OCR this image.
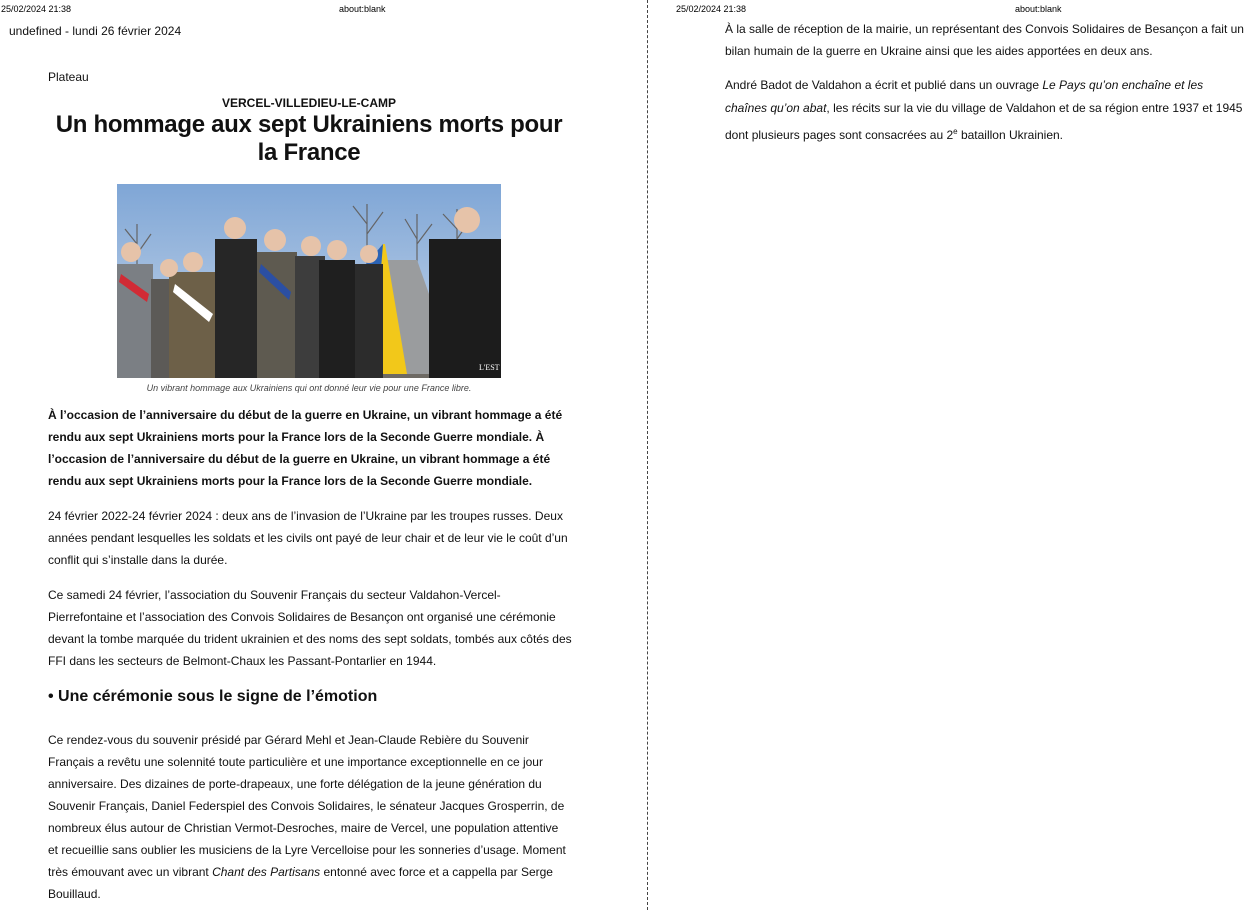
25/02/2024 21:38	about:blank	25/02/2024 21:38	about:blank
undefined - lundi 26 février 2024
Plateau
VERCEL-VILLEDIEU-LE-CAMP
Un hommage aux sept Ukrainiens morts pour la France
L'EST
Un vibrant hommage aux Ukrainiens qui ont donné leur vie pour une France libre.

À l’occasion de l’anniversaire du début de la guerre en Ukraine, un vibrant hommage a été rendu aux sept Ukrainiens morts pour la France lors de la Seconde Guerre mondiale. À l’occasion de l’anniversaire du début de la guerre en Ukraine, un vibrant hommage a été rendu aux sept Ukrainiens morts pour la France lors de la Seconde Guerre mondiale.

24 février 2022-24 février 2024 : deux ans de l’invasion de l’Ukraine par les troupes russes. Deux années pendant lesquelles les soldats et les civils ont payé de leur chair et de leur vie le coût d’un conflit qui s’installe dans la durée.

Ce samedi 24 février, l’association du Souvenir Français du secteur Valdahon-Vercel-Pierrefontaine et l’association des Convois Solidaires de Besançon ont organisé une cérémonie devant la tombe marquée du trident ukrainien et des noms des sept soldats, tombés aux côtés des FFI dans les secteurs de Belmont-Chaux les Passant-Pontarlier en 1944.

• Une cérémonie sous le signe de l’émotion

Ce rendez-vous du souvenir présidé par Gérard Mehl et Jean-Claude Rebière du Souvenir Français a revêtu une solennité toute particulière et une importance exceptionnelle en ce jour anniversaire. Des dizaines de porte-drapeaux, une forte délégation de la jeune génération du Souvenir Français, Daniel Federspiel des Convois Solidaires, le sénateur Jacques Grosperrin, de nombreux élus autour de Christian Vermot-Desroches, maire de Vercel, une population attentive et recueillie sans oublier les musiciens de la Lyre Vercelloise pour les sonneries d’usage. Moment très émouvant avec un vibrant Chant des Partisans entonné avec force et a cappella par Serge Bouillaud.

À la salle de réception de la mairie, un représentant des Convois Solidaires de Besançon a fait un bilan humain de la guerre en Ukraine ainsi que les aides apportées en deux ans.

André Badot de Valdahon a écrit et publié dans un ouvrage Le Pays qu’on enchaîne et les chaînes qu’on abat, les récits sur la vie du village de Valdahon et de sa région entre 1937 et 1945 dont plusieurs pages sont consacrées au 2e bataillon Ukrainien.
